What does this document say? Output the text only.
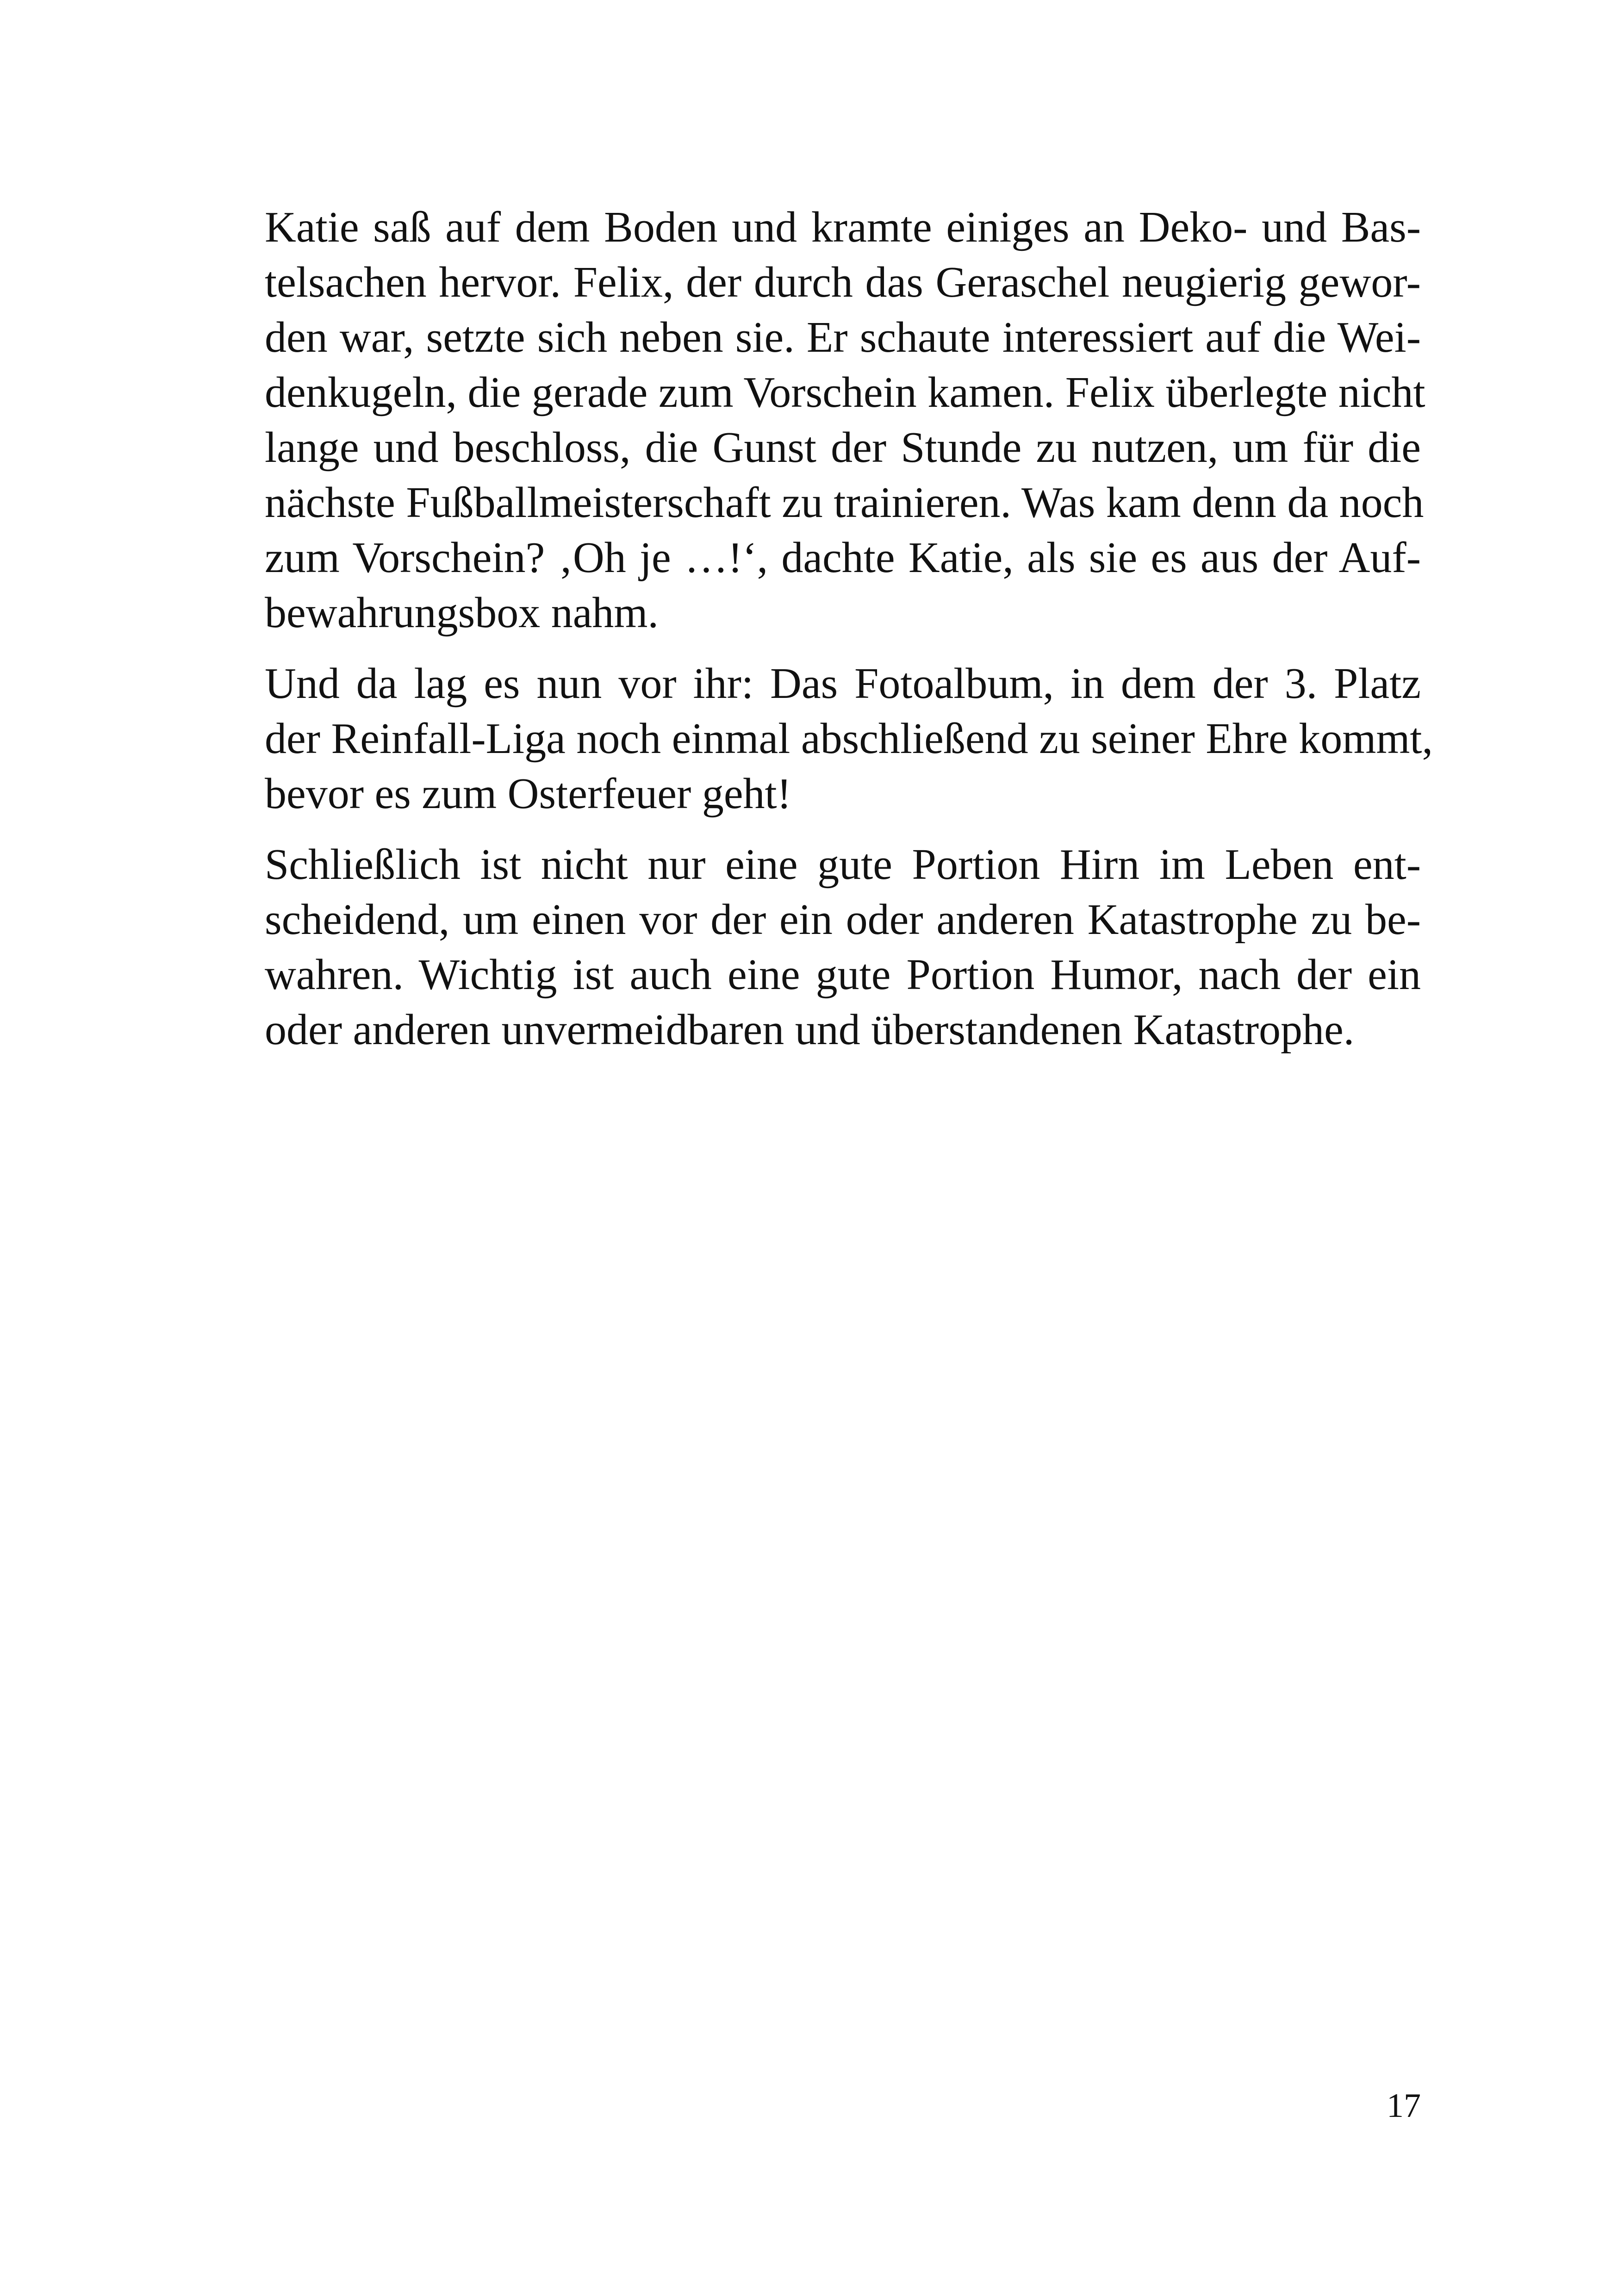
Katie saß auf dem Boden und kramte einiges an Deko- und Bas-
telsachen hervor. Felix, der durch das Geraschel neugierig gewor-
den war, setzte sich neben sie. Er schaute interessiert auf die Wei-
denkugeln, die gerade zum Vorschein kamen. Felix überlegte nicht
lange und beschloss, die Gunst der Stunde zu nutzen, um für die
nächste Fußballmeisterschaft zu trainieren. Was kam denn da noch
zum Vorschein? ‚Oh je …!‘, dachte Katie, als sie es aus der Auf-
bewahrungsbox nahm.

Und da lag es nun vor ihr: Das Fotoalbum, in dem der 3. Platz
der Reinfall-Liga noch einmal abschließend zu seiner Ehre kommt,
bevor es zum Osterfeuer geht!

Schließlich ist nicht nur eine gute Portion Hirn im Leben ent-
scheidend, um einen vor der ein oder anderen Katastrophe zu be-
wahren. Wichtig ist auch eine gute Portion Humor, nach der ein
oder anderen unvermeidbaren und überstandenen Katastrophe.

17
